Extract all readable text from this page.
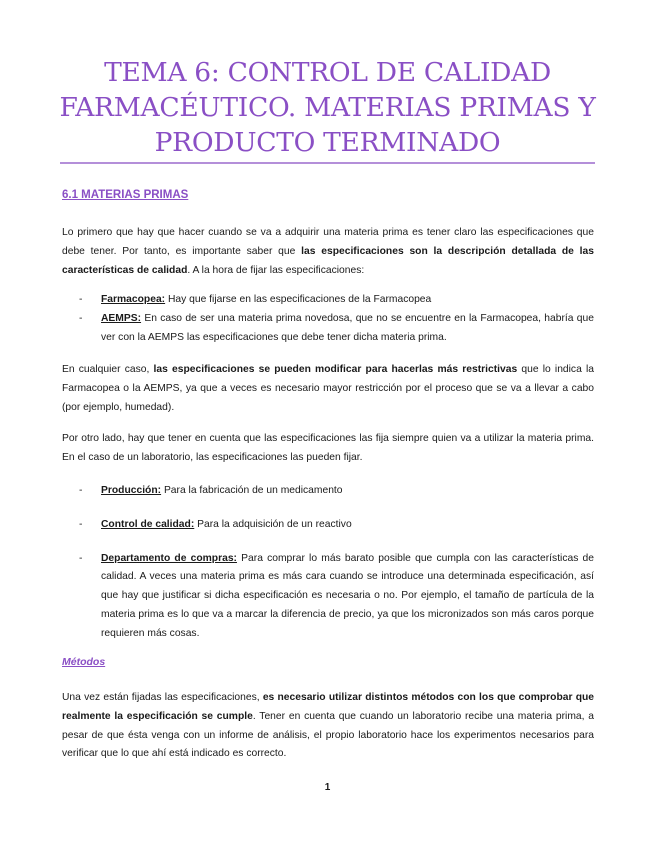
TEMA 6: CONTROL DE CALIDAD FARMACÉUTICO. MATERIAS PRIMAS Y PRODUCTO TERMINADO
6.1 MATERIAS PRIMAS

Lo primero que hay que hacer cuando se va a adquirir una materia prima es tener claro las especificaciones que debe tener. Por tanto, es importante saber que las especificaciones son la descripción detallada de las características de calidad. A la hora de fijar las especificaciones:

- Farmacopea: Hay que fijarse en las especificaciones de la Farmacopea
- AEMPS: En caso de ser una materia prima novedosa, que no se encuentre en la Farmacopea, habría que ver con la AEMPS las especificaciones que debe tener dicha materia prima.

En cualquier caso, las especificaciones se pueden modificar para hacerlas más restrictivas que lo indica la Farmacopea o la AEMPS, ya que a veces es necesario mayor restricción por el proceso que se va a llevar a cabo (por ejemplo, humedad).

Por otro lado, hay que tener en cuenta que las especificaciones las fija siempre quien va a utilizar la materia prima. En el caso de un laboratorio, las especificaciones las pueden fijar.

- Producción: Para la fabricación de un medicamento
- Control de calidad: Para la adquisición de un reactivo
- Departamento de compras: Para comprar lo más barato posible que cumpla con las características de calidad. A veces una materia prima es más cara cuando se introduce una determinada especificación, así que hay que justificar si dicha especificación es necesaria o no. Por ejemplo, el tamaño de partícula de la materia prima es lo que va a marcar la diferencia de precio, ya que los micronizados son más caros porque requieren más cosas.
Métodos

Una vez están fijadas las especificaciones, es necesario utilizar distintos métodos con los que comprobar que realmente la especificación se cumple. Tener en cuenta que cuando un laboratorio recibe una materia prima, a pesar de que ésta venga con un informe de análisis, el propio laboratorio hace los experimentos necesarios para verificar que lo que ahí está indicado es correcto.

1
